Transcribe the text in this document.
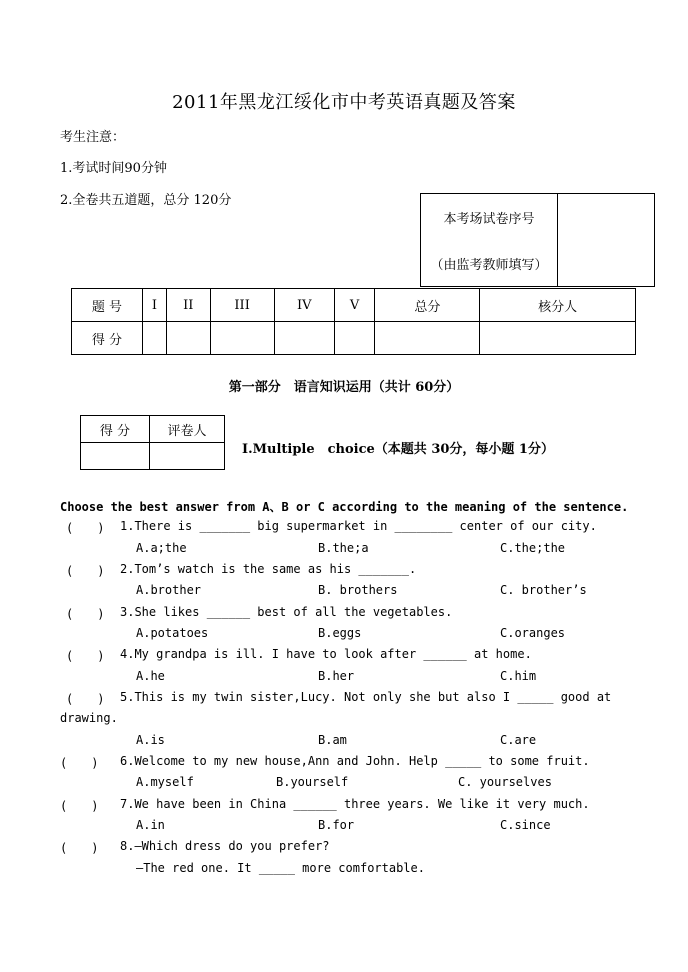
2011年黑龙江绥化市中考英语真题及答案
考生注意：
1.考试时间90分钟
2.全卷共五道题，总分 120分
本考场试卷序号	
（由监考教师填写）
题 号	I	II	III	IV	V	总分	核分人
得 分							
第一部分　语言知识运用（共计 60分）
得 分	评卷人

Ⅰ.Multiple　choice（本题共 30分，每小题 1分）
Choose the best answer from A、B or C according to the meaning of the sentence.
(　　) 1.There is _______ big supermarket in ________ center of our city.
A.a;the	B.the;a	C.the;the
(　　) 2.Tom’s watch is the same as his _______.
A.brother	B. brothers	C. brother’s
(　　) 3.She likes ______ best of all the vegetables.
A.potatoes	B.eggs	C.oranges
(　　) 4.My grandpa is ill. I have to look after ______ at home.
A.he	B.her	C.him
(　　) 5.This is my twin sister,Lucy. Not only she but also I _____ good at
drawing.
A.is	B.am	C.are
(　　) 6.Welcome to my new house,Ann and John. Help _____ to some fruit.
A.myself	B.yourself	C. yourselves
(　　) 7.We have been in China ______ three years. We like it very much.
A.in	B.for	C.since
(　　) 8.—Which dress do you prefer?
—The red one. It _____ more comfortable.
